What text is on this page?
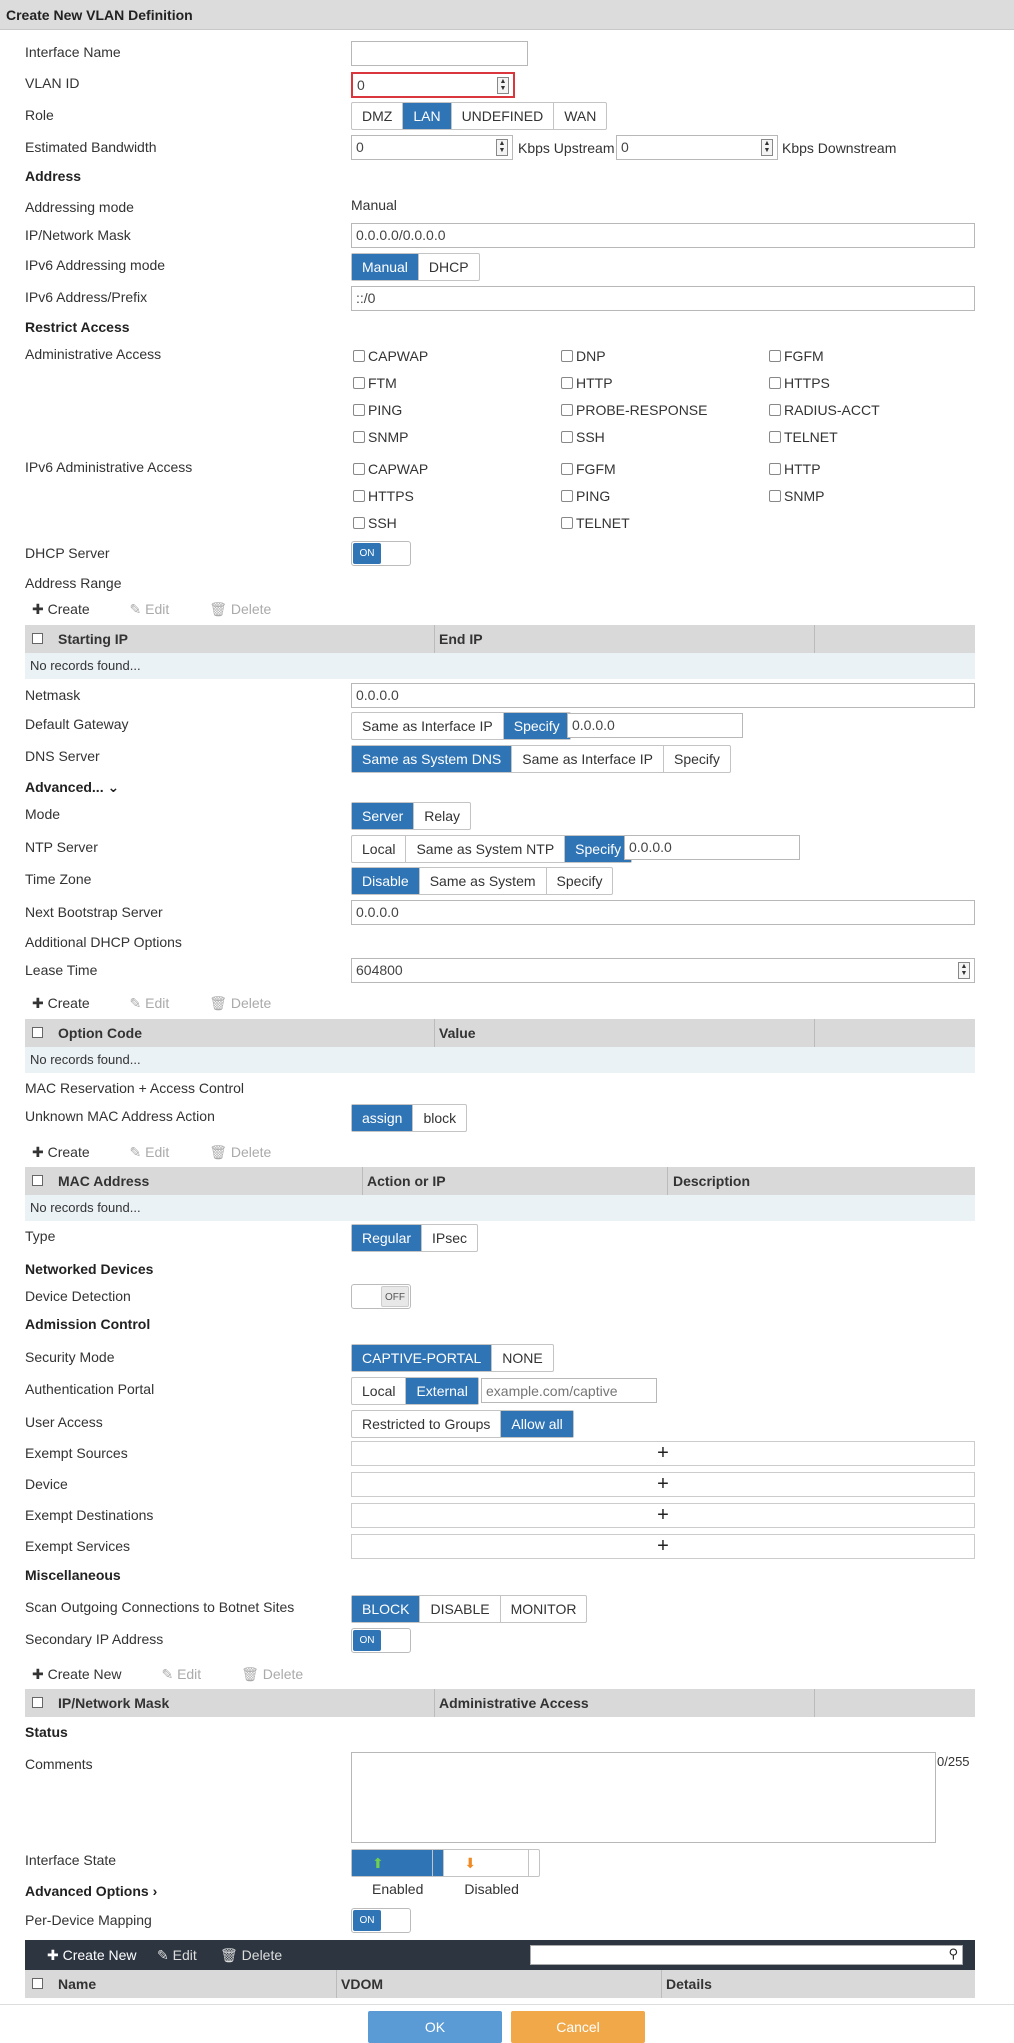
Create New VLAN Definition
Interface Name
VLAN ID	0	▲
▼
Role	DMZ	LAN	UNDEFINED	WAN
Estimated Bandwidth	0	▲
▼ Kbps Upstream 0	▲
▼ Kbps Downstream
Address
Addressing mode	Manual
IP/Network Mask	0.0.0.0/0.0.0.0
IPv6 Addressing mode	Manual	DHCP
IPv6 Address/Prefix	::/0
Restrict Access
Administrative Access	CAPWAP	DNP	FGFM
FTM	HTTP	HTTPS
PING	PROBE-RESPONSE	RADIUS-ACCT
SNMP	SSH	TELNET
IPv6 Administrative Access	CAPWAP	FGFM	HTTP
HTTPS	PING	SNMP
SSH	TELNET
DHCP Server	ON
Address Range
✚ Create	✎ Edit	🗑 Delete
Starting IP	End IP
No records found...
Netmask	0.0.0.0
Default Gateway	Same as Interface IP	Specify 0.0.0.0
DNS Server	Same as System DNS	Same as Interface IP	Specify
Advanced... ⌄
Mode	Server	Relay
NTP Server	Local	Same as System NTP	Specify 0.0.0.0
Time Zone	Disable	Same as System	Specify
Next Bootstrap Server	0.0.0.0
Additional DHCP Options
Lease Time	604800	▲
▼
✚ Create	✎ Edit	🗑 Delete
Option Code	Value
No records found...
MAC Reservation + Access Control
Unknown MAC Address Action	assign	block
✚ Create	✎ Edit	🗑 Delete
MAC Address	Action or IP	Description
No records found...
Type	Regular	IPsec
Networked Devices
Device Detection	OFF
Admission Control
Security Mode	CAPTIVE-PORTAL	NONE
Authentication Portal	Local	External
example.com/captive
User Access	Restricted to Groups	Allow all
Exempt Sources	+
Device	+
Exempt Destinations	+
Exempt Services	+
Miscellaneous
Scan Outgoing Connections to Botnet Sites	BLOCK	DISABLE	MONITOR
Secondary IP Address	ON
✚ Create New	✎ Edit	🗑 Delete
IP/Network Mask	Administrative Access
Status
Comments	0/255
Interface State	⬆
Enabled
⬇
Disabled
Advanced Options ›
Per-Device Mapping	ON
✚ Create New ✎ Edit 🗑 Delete	⚲
Name	VDOM	Details
OK	Cancel
